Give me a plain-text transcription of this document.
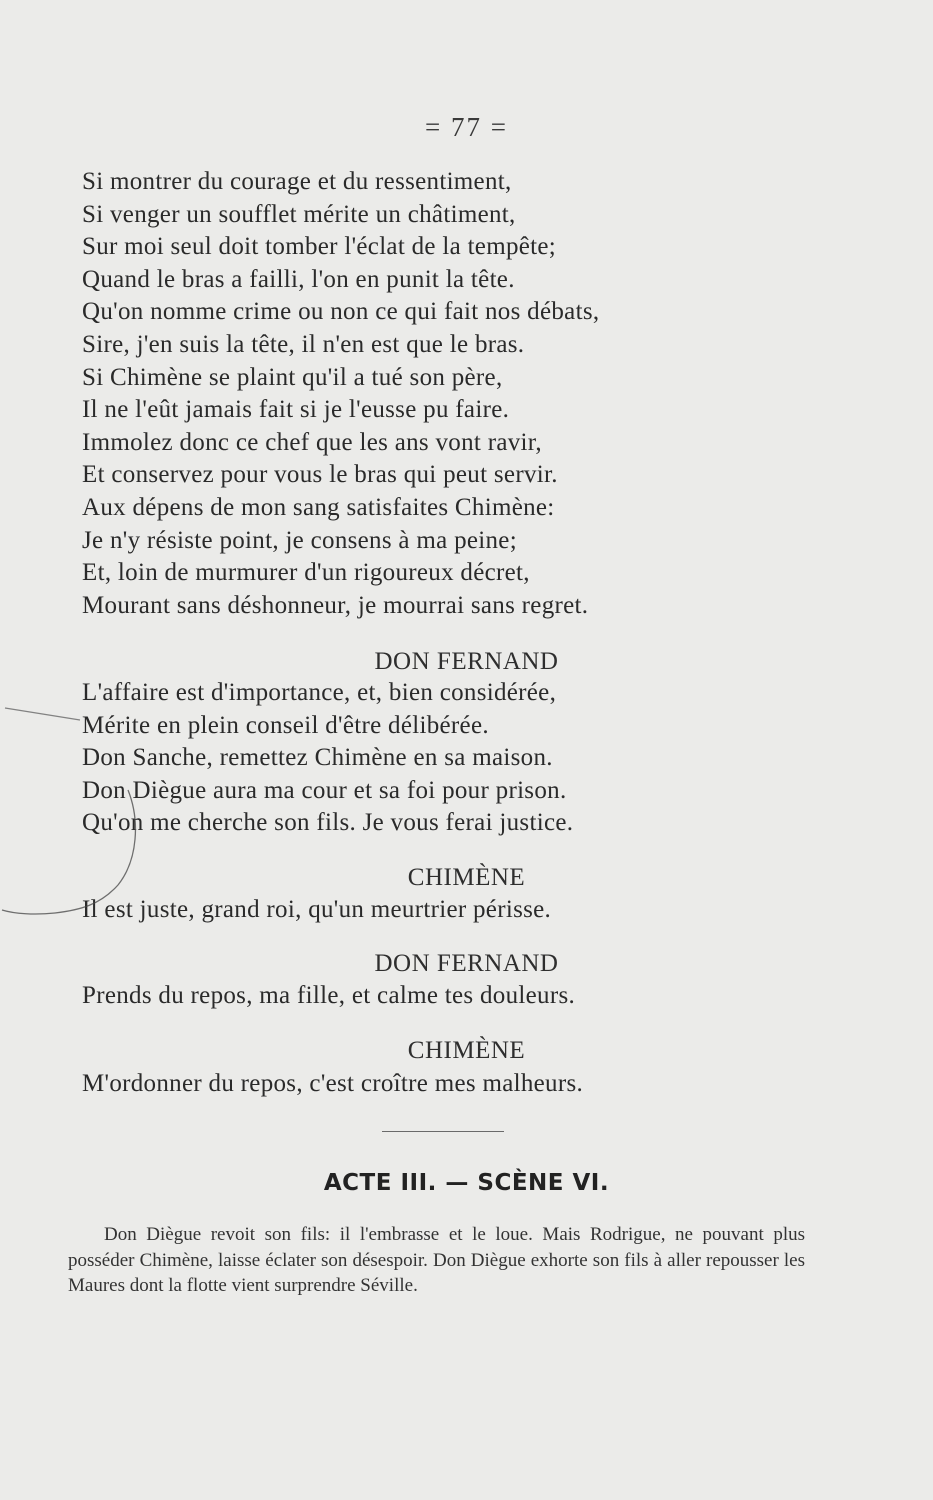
= 77 =
Si montrer du courage et du ressentiment,
Si venger un soufflet mérite un châtiment,
Sur moi seul doit tomber l'éclat de la tempête;
Quand le bras a failli, l'on en punit la tête.
Qu'on nomme crime ou non ce qui fait nos débats,
Sire, j'en suis la tête, il n'en est que le bras.
Si Chimène se plaint qu'il a tué son père,
Il ne l'eût jamais fait si je l'eusse pu faire.
Immolez donc ce chef que les ans vont ravir,
Et conservez pour vous le bras qui peut servir.
Aux dépens de mon sang satisfaites Chimène:
Je n'y résiste point, je consens à ma peine;
Et, loin de murmurer d'un rigoureux décret,
Mourant sans déshonneur, je mourrai sans regret.
DON FERNAND
L'affaire est d'importance, et, bien considérée,
Mérite en plein conseil d'être délibérée.
Don Sanche, remettez Chimène en sa maison.
Don Diègue aura ma cour et sa foi pour prison.
Qu'on me cherche son fils. Je vous ferai justice.
CHIMÈNE
Il est juste, grand roi, qu'un meurtrier périsse.
DON FERNAND
Prends du repos, ma fille, et calme tes douleurs.
CHIMÈNE
M'ordonner du repos, c'est croître mes malheurs.
ACTE III. — SCÈNE VI.
Don Diègue revoit son fils: il l'embrasse et le loue. Mais Rodrigue, ne pouvant plus posséder Chimène, laisse éclater son désespoir. Don Diègue exhorte son fils à aller repousser les Maures dont la flotte vient surprendre Séville.
